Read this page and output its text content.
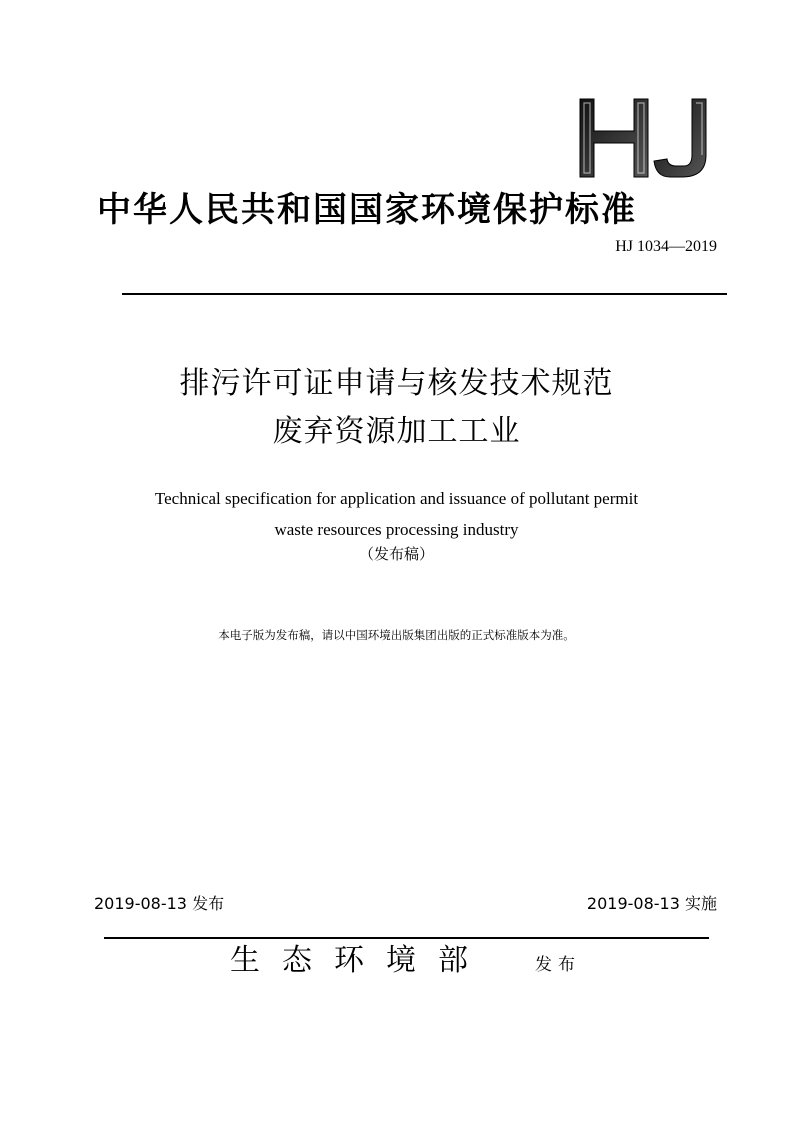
中华人民共和国国家环境保护标准
HJ 1034—2019
排污许可证申请与核发技术规范
废弃资源加工工业
Technical specification for application and issuance of pollutant permit
waste resources processing industry
（发布稿）
本电子版为发布稿，请以中国环境出版集团出版的正式标准版本为准。
2019-08-13 发布	2019-08-13 实施
生态环境部	发布
